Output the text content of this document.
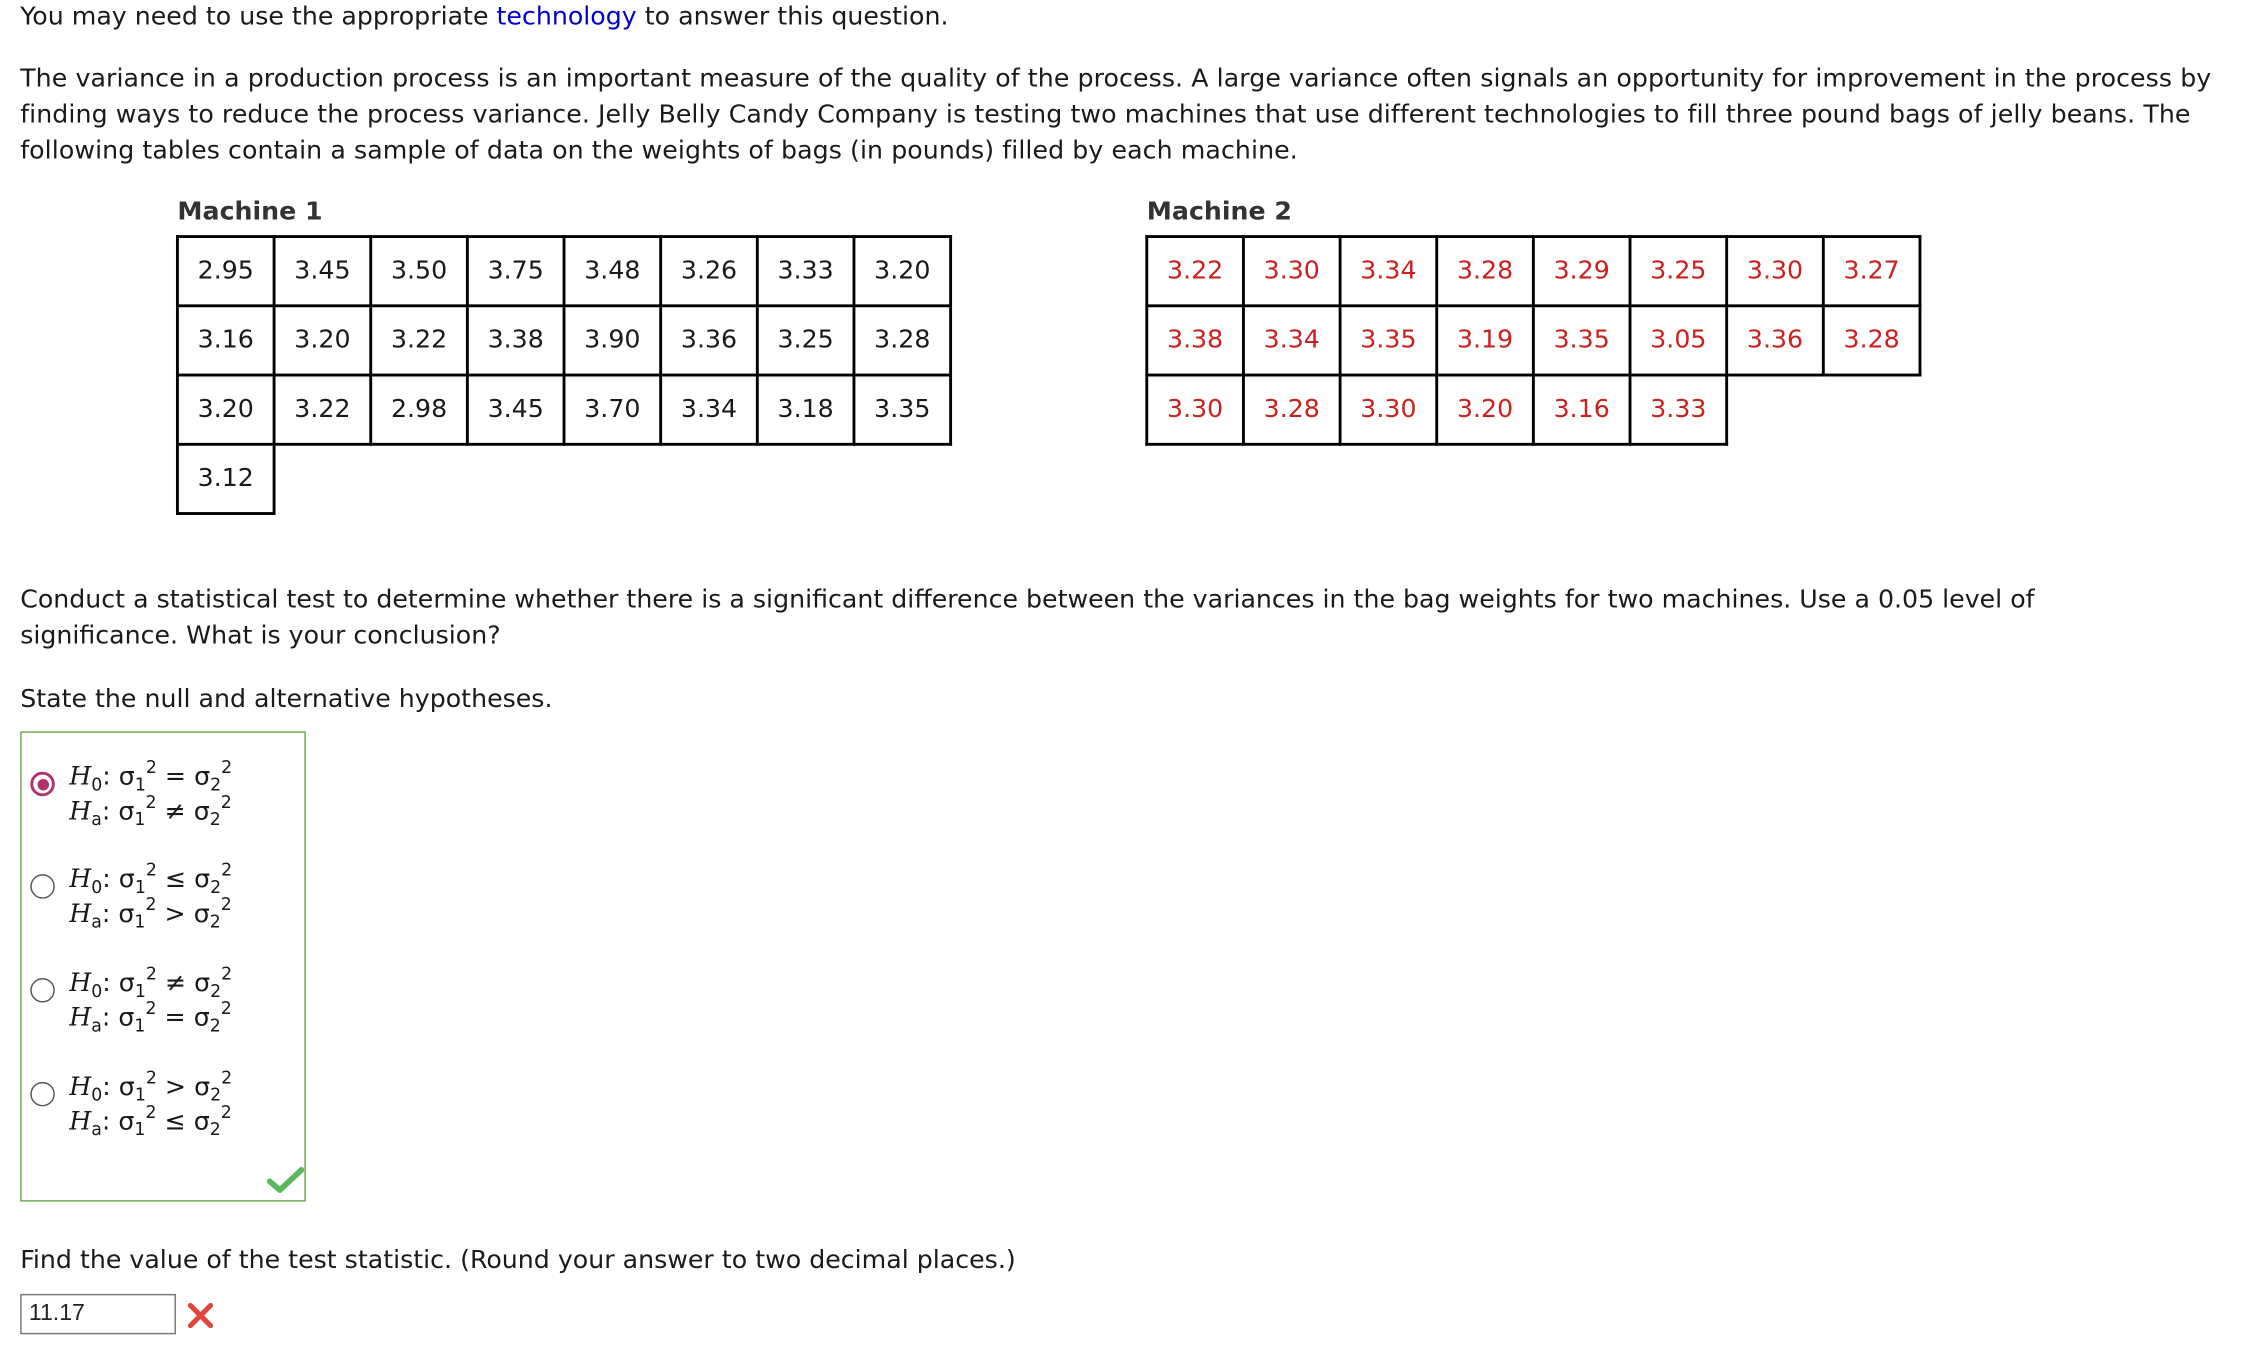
You may need to use the appropriate technology to answer this question.

The variance in a production process is an important measure of the quality of the process. A large variance often signals an opportunity for improvement in the process by finding ways to reduce the process variance. Jelly Belly Candy Company is testing two machines that use different technologies to fill three pound bags of jelly beans. The following tables contain a sample of data on the weights of bags (in pounds) filled by each machine.

Machine 1	Machine 2
2.95	3.45	3.50	3.75	3.48	3.26	3.33	3.20
3.16	3.20	3.22	3.38	3.90	3.36	3.25	3.28
3.20	3.22	2.98	3.45	3.70	3.34	3.18	3.35
3.12							
3.22	3.30	3.34	3.28	3.29	3.25	3.30	3.27
3.38	3.34	3.35	3.19	3.35	3.05	3.36	3.28
3.30	3.28	3.30	3.20	3.16	3.33		

Conduct a statistical test to determine whether there is a significant difference between the variances in the bag weights for two machines. Use a 0.05 level of significance. What is your conclusion?

State the null and alternative hypotheses.

$H_0$: $\sigma_1^2 = \sigma_2^2$
$H_a$: $\sigma_1^2 \ne \sigma_2^2$
$H_0$: $\sigma_1^2 \le \sigma_2^2$
$H_a$: $\sigma_1^2 > \sigma_2^2$
$H_0$: $\sigma_1^2 \ne \sigma_2^2$
$H_a$: $\sigma_1^2 = \sigma_2^2$
$H_0$: $\sigma_1^2 > \sigma_2^2$
$H_a$: $\sigma_1^2 \le \sigma_2^2$

Find the value of the test statistic. (Round your answer to two decimal places.)

11.17
